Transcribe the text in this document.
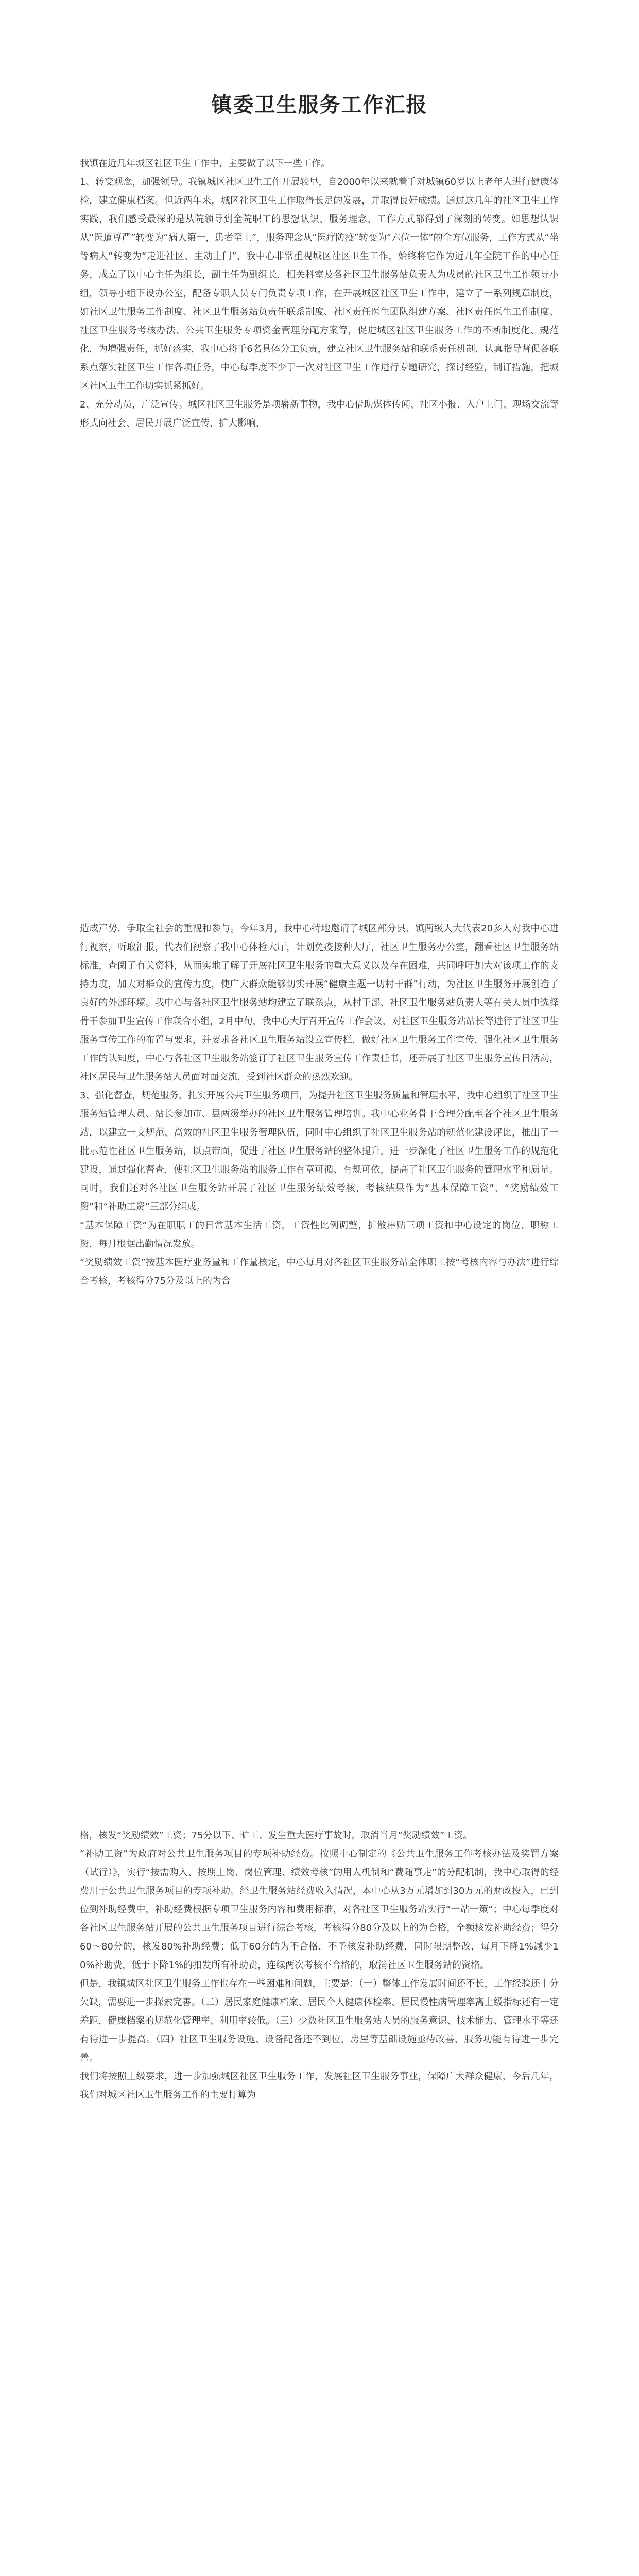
镇委卫生服务工作汇报

我镇在近几年城区社区卫生工作中，主要做了以下一些工作。

1、转变观念，加强领导。我镇城区社区卫生工作开展较早，自2000年以来就着手对城镇60岁以上老年人进行健康体检，建立健康档案。但近两年来，城区社区卫生工作取得长足的发展，并取得良好成绩。通过这几年的社区卫生工作实践，我们感受最深的是从院领导到全院职工的思想认识、服务理念、工作方式都得到了深刻的转变。如思想认识从“医道尊严”转变为“病人第一，患者至上”，服务理念从“医疗防疫”转变为“六位一体”的全方位服务，工作方式从“坐等病人”转变为“走进社区、主动上门”，我中心非常重视城区社区卫生工作，始终将它作为近几年全院工作的中心任务，成立了以中心主任为组长，副主任为副组长，相关科室及各社区卫生服务站负责人为成员的社区卫生工作领导小组，领导小组下设办公室，配备专职人员专门负责专项工作，在开展城区社区卫生工作中，建立了一系列规章制度，如社区卫生服务工作制度、社区卫生服务站负责任联系制度、社区责任医生团队组建方案、社区责任医生工作制度、社区卫生服务考核办法、公共卫生服务专项资金管理分配方案等，促进城区社区卫生服务工作的不断制度化、规范化，为增强责任，抓好落实，我中心将千6名具体分工负责，建立社区卫生服务站和联系责任机制，认真指导督促各联系点落实社区卫生工作各项任务，中心每季度不少于一次对社区卫生工作进行专题研究，探讨经验，制订措施，把城区社区卫生工作切实抓紧抓好。

2、充分动员，广泛宣传。城区社区卫生服务是项崭新事物，我中心借助媒体传闻、社区小报、入户上门、现场交流等形式向社会、居民开展广泛宣传，扩大影响，

造成声势，争取全社会的重视和参与。今年3月，我中心特地邀请了城区部分县、镇两级人大代表20多人对我中心进行视察，听取汇报，代表们视察了我中心体检大厅，计划免疫接种大厅，社区卫生服务办公室，翻看社区卫生服务站标准，查阅了有关资料，从而实地了解了开展社区卫生服务的重大意义以及存在困难，共同呼吁加大对该项工作的支持力度，加大对群众的宣传力度，使广大群众能够切实开展“健康主题一切村干群”行动，为社区卫生服务开展创造了良好的外部环境。我中心与各社区卫生服务站均建立了联系点，从村干部、社区卫生服务站负责人等有关人员中选择骨干参加卫生宣传工作联合小组，2月中旬，我中心大厅召开宣传工作会议，对社区卫生服务站站长等进行了社区卫生服务宣传工作的布置与要求，并要求各社区卫生服务站设立宣传栏，做好社区卫生服务工作宣传，强化社区卫生服务工作的认知度，中心与各社区卫生服务站签订了社区卫生服务宣传工作责任书，还开展了社区卫生服务宣传日活动，社区居民与卫生服务站人员面对面交流，受到社区群众的热烈欢迎。

3、强化督查，规范服务，扎实开展公共卫生服务项目，为提升社区卫生服务质量和管理水平，我中心组织了社区卫生服务站管理人员、站长参加市、县两级举办的社区卫生服务管理培训。我中心业务骨干合理分配至各个社区卫生服务站，以建立一支规范、高效的社区卫生服务管理队伍，同时中心组织了社区卫生服务站的规范化建设评比，推出了一批示范性社区卫生服务站，以点带面，促进了社区卫生服务站的整体提升，进一步深化了社区卫生服务工作的规范化建设，通过强化督查，使社区卫生服务站的服务工作有章可循、有规可依，提高了社区卫生服务的管理水平和质量。同时，我们还对各社区卫生服务站开展了社区卫生服务绩效考核，考核结果作为“基本保障工资”、“奖励绩效工资”和“补助工资”三部分组成。

“基本保障工资”为在职职工的日常基本生活工资，工资性比例调整，扩散津贴三项工资和中心设定的岗位、职称工资，每月根据出勤情况发放。

“奖励绩效工资”按基本医疗业务量和工作量核定，中心每月对各社区卫生服务站全体职工按“考核内容与办法”进行综合考核，考核得分75分及以上的为合

格，核发“奖励绩效”工资；75分以下、旷工、发生重大医疗事故时，取消当月“奖励绩效”工资。

“补助工资”为政府对公共卫生服务项目的专项补助经费。按照中心制定的《公共卫生服务工作考核办法及奖罚方案（试行）》，实行“按需购入、按期上岗、岗位管理、绩效考核”的用人机制和“费随事走”的分配机制，我中心取得的经费用于公共卫生服务项目的专项补助。经卫生服务站经费收入情况，本中心从3万元增加到30万元的财政投入，已到位到补助经费中，补助经费根据专项卫生服务内容和费用标准，对各社区卫生服务站实行“一站一策”；中心每季度对各社区卫生服务站开展的公共卫生服务项目进行综合考核，考核得分80分及以上的为合格，全额核发补助经费；得分60～80分的，核发80%补助经费；低于60分的为不合格，不予核发补助经费，同时限期整改，每月下降1%减少10%补助费，低于下降1%的扣发所有补助费，连续两次考核不合格的，取消社区卫生服务站的资格。

但是，我镇城区社区卫生服务工作也存在一些困难和问题，主要是：（一）整体工作发展时间还不长，工作经验还十分欠缺，需要进一步探索完善。（二）居民家庭健康档案、居民个人健康体检率、居民慢性病管理率离上级指标还有一定差距，健康档案的规范化管理率、利用率较低。（三）少数社区卫生服务站人员的服务意识、技术能力、管理水平等还有待进一步提高。（四）社区卫生服务设施、设备配备还不到位，房屋等基础设施亟待改善，服务功能有待进一步完善。

我们将按照上级要求，进一步加强城区社区卫生服务工作，发展社区卫生服务事业，保障广大群众健康，今后几年，我们对城区社区卫生服务工作的主要打算为
